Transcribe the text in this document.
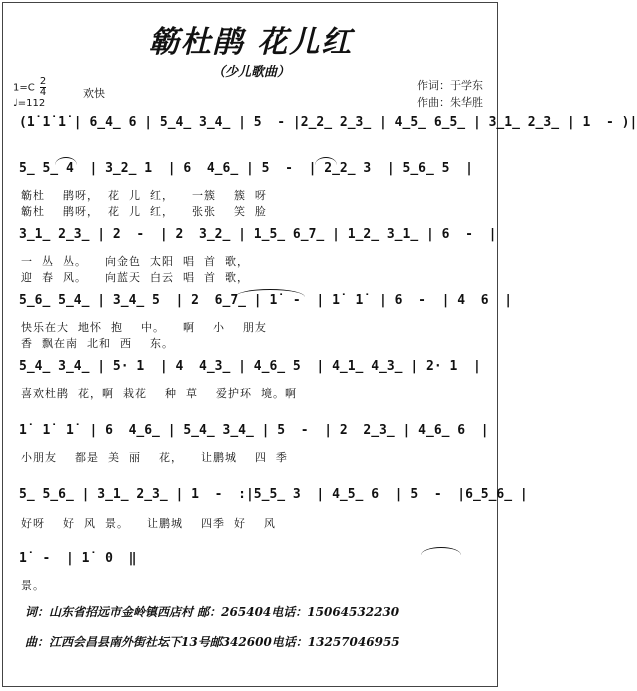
簕杜鹃 花儿红
（少儿歌曲）
$1=C \frac{2}{4}$

♩=112
欢快
作词：于学东
作曲：朱华胜
(1̇ 1̇ 1̇ | 6̲4̲ 6 | 5̲4̲ 3̲4̲ | 5  - |2̲2̲ 2̲3̲ | 4̲5̲ 6̲5̲ | 3̲1̲ 2̲3̲ | 1  - )|
5̲ 5̲ 4  | 3̲2̲ 1  | 6  4̲6̲ | 5  -  | 2̲2̲ 3  | 5̲6̲ 5  |
簕杜    鹃呀，  花  儿  红，    一簇    簇  呀
簕杜    鹃呀，  花  儿  红，    张张    笑  脸
3̲1̲ 2̲3̲ | 2  -  | 2  3̲2̲ | 1̲5̲ 6̲7̲ | 1̲2̲ 3̲1̲ | 6  -  |
一  丛  丛。    向金色  太阳  唱  首  歌，
迎  春  风。    向蓝天  白云  唱  首  歌，
5̲6̲ 5̲4̲ | 3̲4̲ 5  | 2  6̲7̲ | 1̇  -  | 1̇  1̇  | 6  -  | 4  6  |
快乐在大  地怀  抱    中。    啊    小    朋友
香  飘在南  北和  西    东。
5̲4̲ 3̲4̲ | 5· 1  | 4  4̲3̲ | 4̲6̲ 5  | 4̲1̲ 4̲3̲ | 2· 1  |
喜欢杜鹃  花，啊  栽花    种  草    爱护环  境。啊
1̇  1̇  1̇  | 6  4̲6̲ | 5̲4̲ 3̲4̲ | 5  -  | 2  2̲3̲ | 4̲6̲ 6  |
小朋友    都是  美  丽    花，    让鹏城    四  季
5̲ 5̲6̲ | 3̲1̲ 2̲3̲ | 1  -  :|5̲5̲ 3  | 4̲5̲ 6  | 5  -  |6̲5̲6̲ |
好呀    好  风  景。    让鹏城    四季  好    风
1̇  -  | 1̇  0  ‖
景。
词：山东省招远市金岭镇西店村 邮：265404电话：15064532230
曲：江西会昌县南外街社坛下13号邮342600电话：13257046955
